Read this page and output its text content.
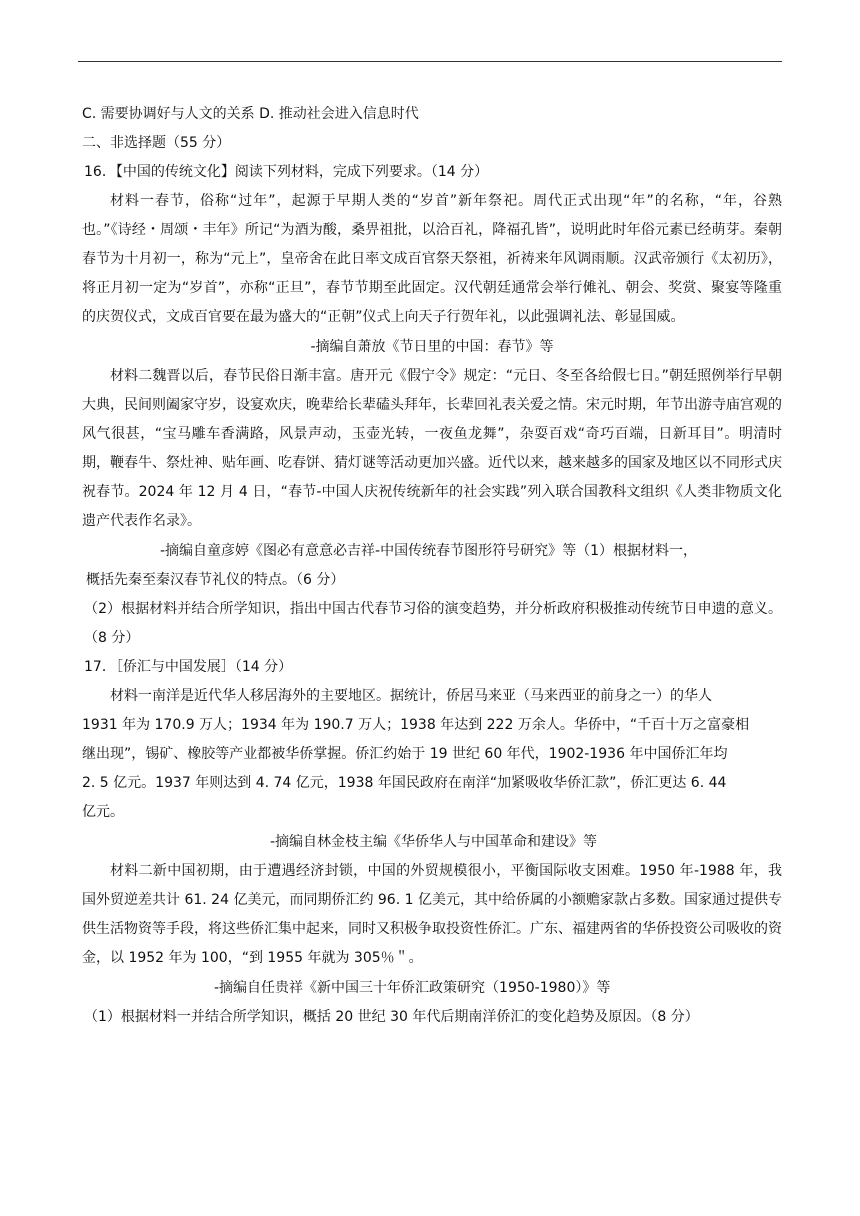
C. 需要协调好与人文的关系 D. 推动社会进入信息时代
二、非选择题（55 分）
16．【中国的传统文化】阅读下列材料，完成下列要求。（14 分）

材料一春节，俗称“过年”，起源于早期人类的“岁首”新年祭祀。周代正式出现“年”的名称，“年，谷熟也。”《诗经・周颂・丰年》所记“为酒为酸，桑畀祖批，以洽百礼，降福孔皆”，说明此时年俗元素已经萌芽。秦朝春节为十月初一，称为“元上”，皇帝舍在此日率文成百官祭天祭祖，祈祷来年风调雨顺。汉武帝颁行《太初历》，将正月初一定为“岁首”，亦称“正旦”，春节节期至此固定。汉代朝廷通常会举行傩礼、朝会、奖赏、聚宴等隆重的庆贺仪式，文成百官要在最为盛大的“正朝”仪式上向天子行贺年礼，以此强调礼法、彰显国威。

-摘编自萧放《节日里的中国：春节》等

材料二魏晋以后，春节民俗日渐丰富。唐开元《假宁令》规定：“元日、冬至各给假七日。”朝廷照例举行早朝大典，民间则阖家守岁，设宴欢庆，晚辈给长辈磕头拜年，长辈回礼表关爱之情。宋元时期，年节出游寺庙宫观的风气很甚，“宝马雕车香满路，风景声动，玉壶光转，一夜鱼龙舞”，杂耍百戏“奇巧百端，日新耳目”。明清时期，鞭春牛、祭灶神、贴年画、吃春饼、猜灯谜等活动更加兴盛。近代以来，越来越多的国家及地区以不同形式庆祝春节。2024 年 12 月 4 日，“春节-中国人庆祝传统新年的社会实践”列入联合国教科文组织《人类非物质文化遗产代表作名录》。

-摘编自童彦婷《图必有意意必吉祥-中国传统春节图形符号研究》等（1）根据材料一，

概括先秦至秦汉春节礼仪的特点。（6 分）

（2）根据材料并结合所学知识，指出中国古代春节习俗的演变趋势，并分析政府积极推动传统节日申遗的意义。（8 分）

17．［侨汇与中国发展］（14 分）
材料一南洋是近代华人移居海外的主要地区。据统计，侨居马来亚（马来西亚的前身之一）的华人
1931 年为 170.9 万人；1934 年为 190.7 万人；1938 年达到 222 万余人。华侨中，“千百十万之富豪相
继出现”，锡矿、橡胶等产业都被华侨掌握。侨汇约始于 19 世纪 60 年代，1902-1936 年中国侨汇年均
2. 5 亿元。1937 年则达到 4. 74 亿元，1938 年国民政府在南洋“加紧吸收华侨汇款”，侨汇更达 6. 44
亿元。

-摘编自林金枝主编《华侨华人与中国革命和建设》等

材料二新中国初期，由于遭遇经济封锁，中国的外贸规模很小，平衡国际收支困难。1950 年-1988 年，我国外贸逆差共计 61. 24 亿美元，而同期侨汇约 96. 1 亿美元，其中给侨属的小额赡家款占多数。国家通过提供专供生活物资等手段，将这些侨汇集中起来，同时又积极争取投资性侨汇。广东、福建两省的华侨投资公司吸收的资金，以 1952 年为 100，“到 1955 年就为 305％＂。

-摘编自任贵祥《新中国三十年侨汇政策研究（1950-1980）》等

（1）根据材料一并结合所学知识，概括 20 世纪 30 年代后期南洋侨汇的变化趋势及原因。（8 分）
